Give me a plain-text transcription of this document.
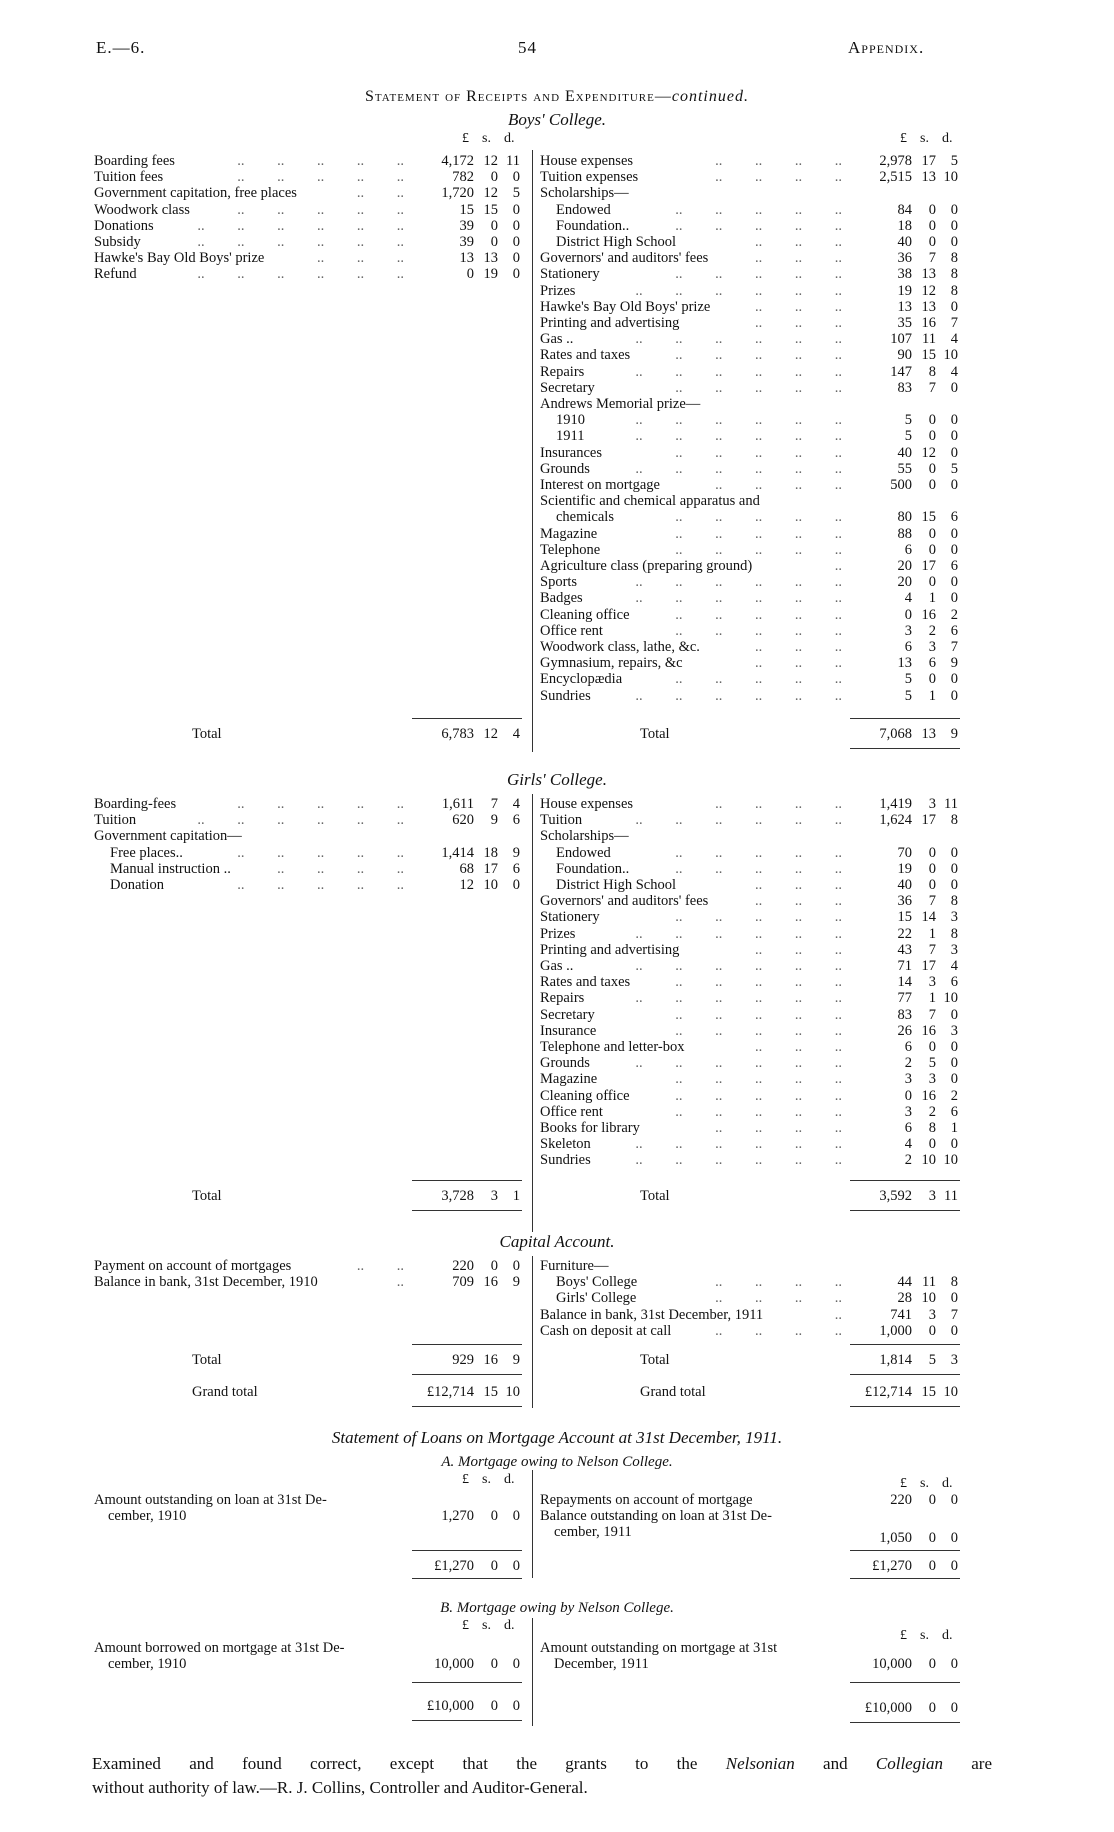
E.—6.	54	Appendix.
Statement of Receipts and Expenditure—continued.
Boys' College.
£ s. d.	£ s. d.
Boarding fees	..   ..   ..   ..   ..	4,172 12 11
Tuition fees	..   ..   ..   ..   ..	782 0 0
Government capitation, free places	..   ..	1,720 12 5
Woodwork class	..   ..   ..   ..   ..	15 15 0
Donations	..   ..   ..   ..   ..   ..	39 0 0
Subsidy	..   ..   ..   ..   ..   ..	39 0 0
Hawke's Bay Old Boys' prize	..   ..   ..	13 13 0
Refund	..   ..   ..   ..   ..   ..	0 19 0
House expenses	..   ..   ..   ..	2,978 17 5
Tuition expenses	..   ..   ..   ..	2,515 13 10
Scholarships—
Endowed	..   ..   ..   ..   ..	84 0 0
Foundation..	..   ..   ..   ..   ..	18 0 0
District High School	..   ..   ..	40 0 0
Governors' and auditors' fees	..   ..   ..	36 7 8
Stationery	..   ..   ..   ..   ..	38 13 8
Prizes	..   ..   ..   ..   ..   ..	19 12 8
Hawke's Bay Old Boys' prize	..   ..   ..	13 13 0
Printing and advertising	..   ..   ..	35 16 7
Gas ..	..   ..   ..   ..   ..   ..	107 11 4
Rates and taxes	..   ..   ..   ..   ..	90 15 10
Repairs	..   ..   ..   ..   ..   ..	147 8 4
Secretary	..   ..   ..   ..   ..	83 7 0
Andrews Memorial prize—
1910	..   ..   ..   ..   ..   ..	5 0 0
1911	..   ..   ..   ..   ..   ..	5 0 0
Insurances	..   ..   ..   ..   ..	40 12 0
Grounds	..   ..   ..   ..   ..   ..	55 0 5
Interest on mortgage	..   ..   ..   ..	500 0 0
Scientific and chemical apparatus and
chemicals	..   ..   ..   ..   ..	80 15 6
Magazine	..   ..   ..   ..   ..	88 0 0
Telephone	..   ..   ..   ..   ..	6 0 0
Agriculture class (preparing ground)	..	20 17 6
Sports	..   ..   ..   ..   ..   ..	20 0 0
Badges	..   ..   ..   ..   ..   ..	4 1 0
Cleaning office	..   ..   ..   ..   ..	0 16 2
Office rent	..   ..   ..   ..   ..	3 2 6
Woodwork class, lathe, &c.	..   ..   ..	6 3 7
Gymnasium, repairs, &c	..   ..   ..	13 6 9
Encyclopædia	..   ..   ..   ..   ..	5 0 0
Sundries	..   ..   ..   ..   ..   ..	5 1 0
Total	6,783 12 4	Total	7,068 13 9
Girls' College.
Boarding-fees	..   ..   ..   ..   ..	1,611 7 4
Tuition	..   ..   ..   ..   ..   ..	620 9 6
Government capitation—
Free places..	..   ..   ..   ..   ..	1,414 18 9
Manual instruction ..	..   ..   ..   ..	68 17 6
Donation	..   ..   ..   ..   ..	12 10 0
House expenses	..   ..   ..   ..	1,419 3 11
Tuition	..   ..   ..   ..   ..   ..	1,624 17 8
Scholarships—
Endowed	..   ..   ..   ..   ..	70 0 0
Foundation..	..   ..   ..   ..   ..	19 0 0
District High School	..   ..   ..	40 0 0
Governors' and auditors' fees	..   ..   ..	36 7 8
Stationery	..   ..   ..   ..   ..	15 14 3
Prizes	..   ..   ..   ..   ..   ..	22 1 8
Printing and advertising	..   ..   ..	43 7 3
Gas ..	..   ..   ..   ..   ..   ..	71 17 4
Rates and taxes	..   ..   ..   ..   ..	14 3 6
Repairs	..   ..   ..   ..   ..   ..	77 1 10
Secretary	..   ..   ..   ..   ..	83 7 0
Insurance	..   ..   ..   ..   ..	26 16 3
Telephone and letter-box	..   ..   ..	6 0 0
Grounds	..   ..   ..   ..   ..   ..	2 5 0
Magazine	..   ..   ..   ..   ..	3 3 0
Cleaning office	..   ..   ..   ..   ..	0 16 2
Office rent	..   ..   ..   ..   ..	3 2 6
Books for library	..   ..   ..   ..	6 8 1
Skeleton	..   ..   ..   ..   ..   ..	4 0 0
Sundries	..   ..   ..   ..   ..   ..	2 10 10
Total	3,728 3 1	Total	3,592 3 11
Capital Account.
Payment on account of mortgages	..   ..	220 0 0
Balance in bank, 31st December, 1910	..	709 16 9
Furniture—
Boys' College	..   ..   ..   ..	44 11 8
Girls' College	..   ..   ..   ..	28 10 0
Balance in bank, 31st December, 1911	..	741 3 7
Cash on deposit at call	..   ..   ..   ..	1,000 0 0
Total	929 16 9	Total	1,814 5 3
Grand total	£12,714 15 10	Grand total	£12,714 15 10
Statement of Loans on Mortgage Account at 31st December, 1911.
A. Mortgage owing to Nelson College.
£ s. d.	£ s. d.
Amount outstanding on loan at 31st De-
cember, 1910	1,270 0 0
Repayments on account of mortgage	220 0 0
Balance outstanding on loan at 31st De-
cember, 1911	1,050 0 0
£1,270 0 0	£1,270 0 0
B. Mortgage owing by Nelson College.
£ s. d.
£ s. d.
Amount borrowed on mortgage at 31st De-
cember, 1910	10,000 0 0
Amount outstanding on mortgage at 31st
December, 1911	10,000 0 0
£10,000 0 0	£10,000 0 0
Examined and found correct, except that the grants to the Nelsonian and Collegian are
without authority of law.—R. J. Collins, Controller and Auditor-General.
